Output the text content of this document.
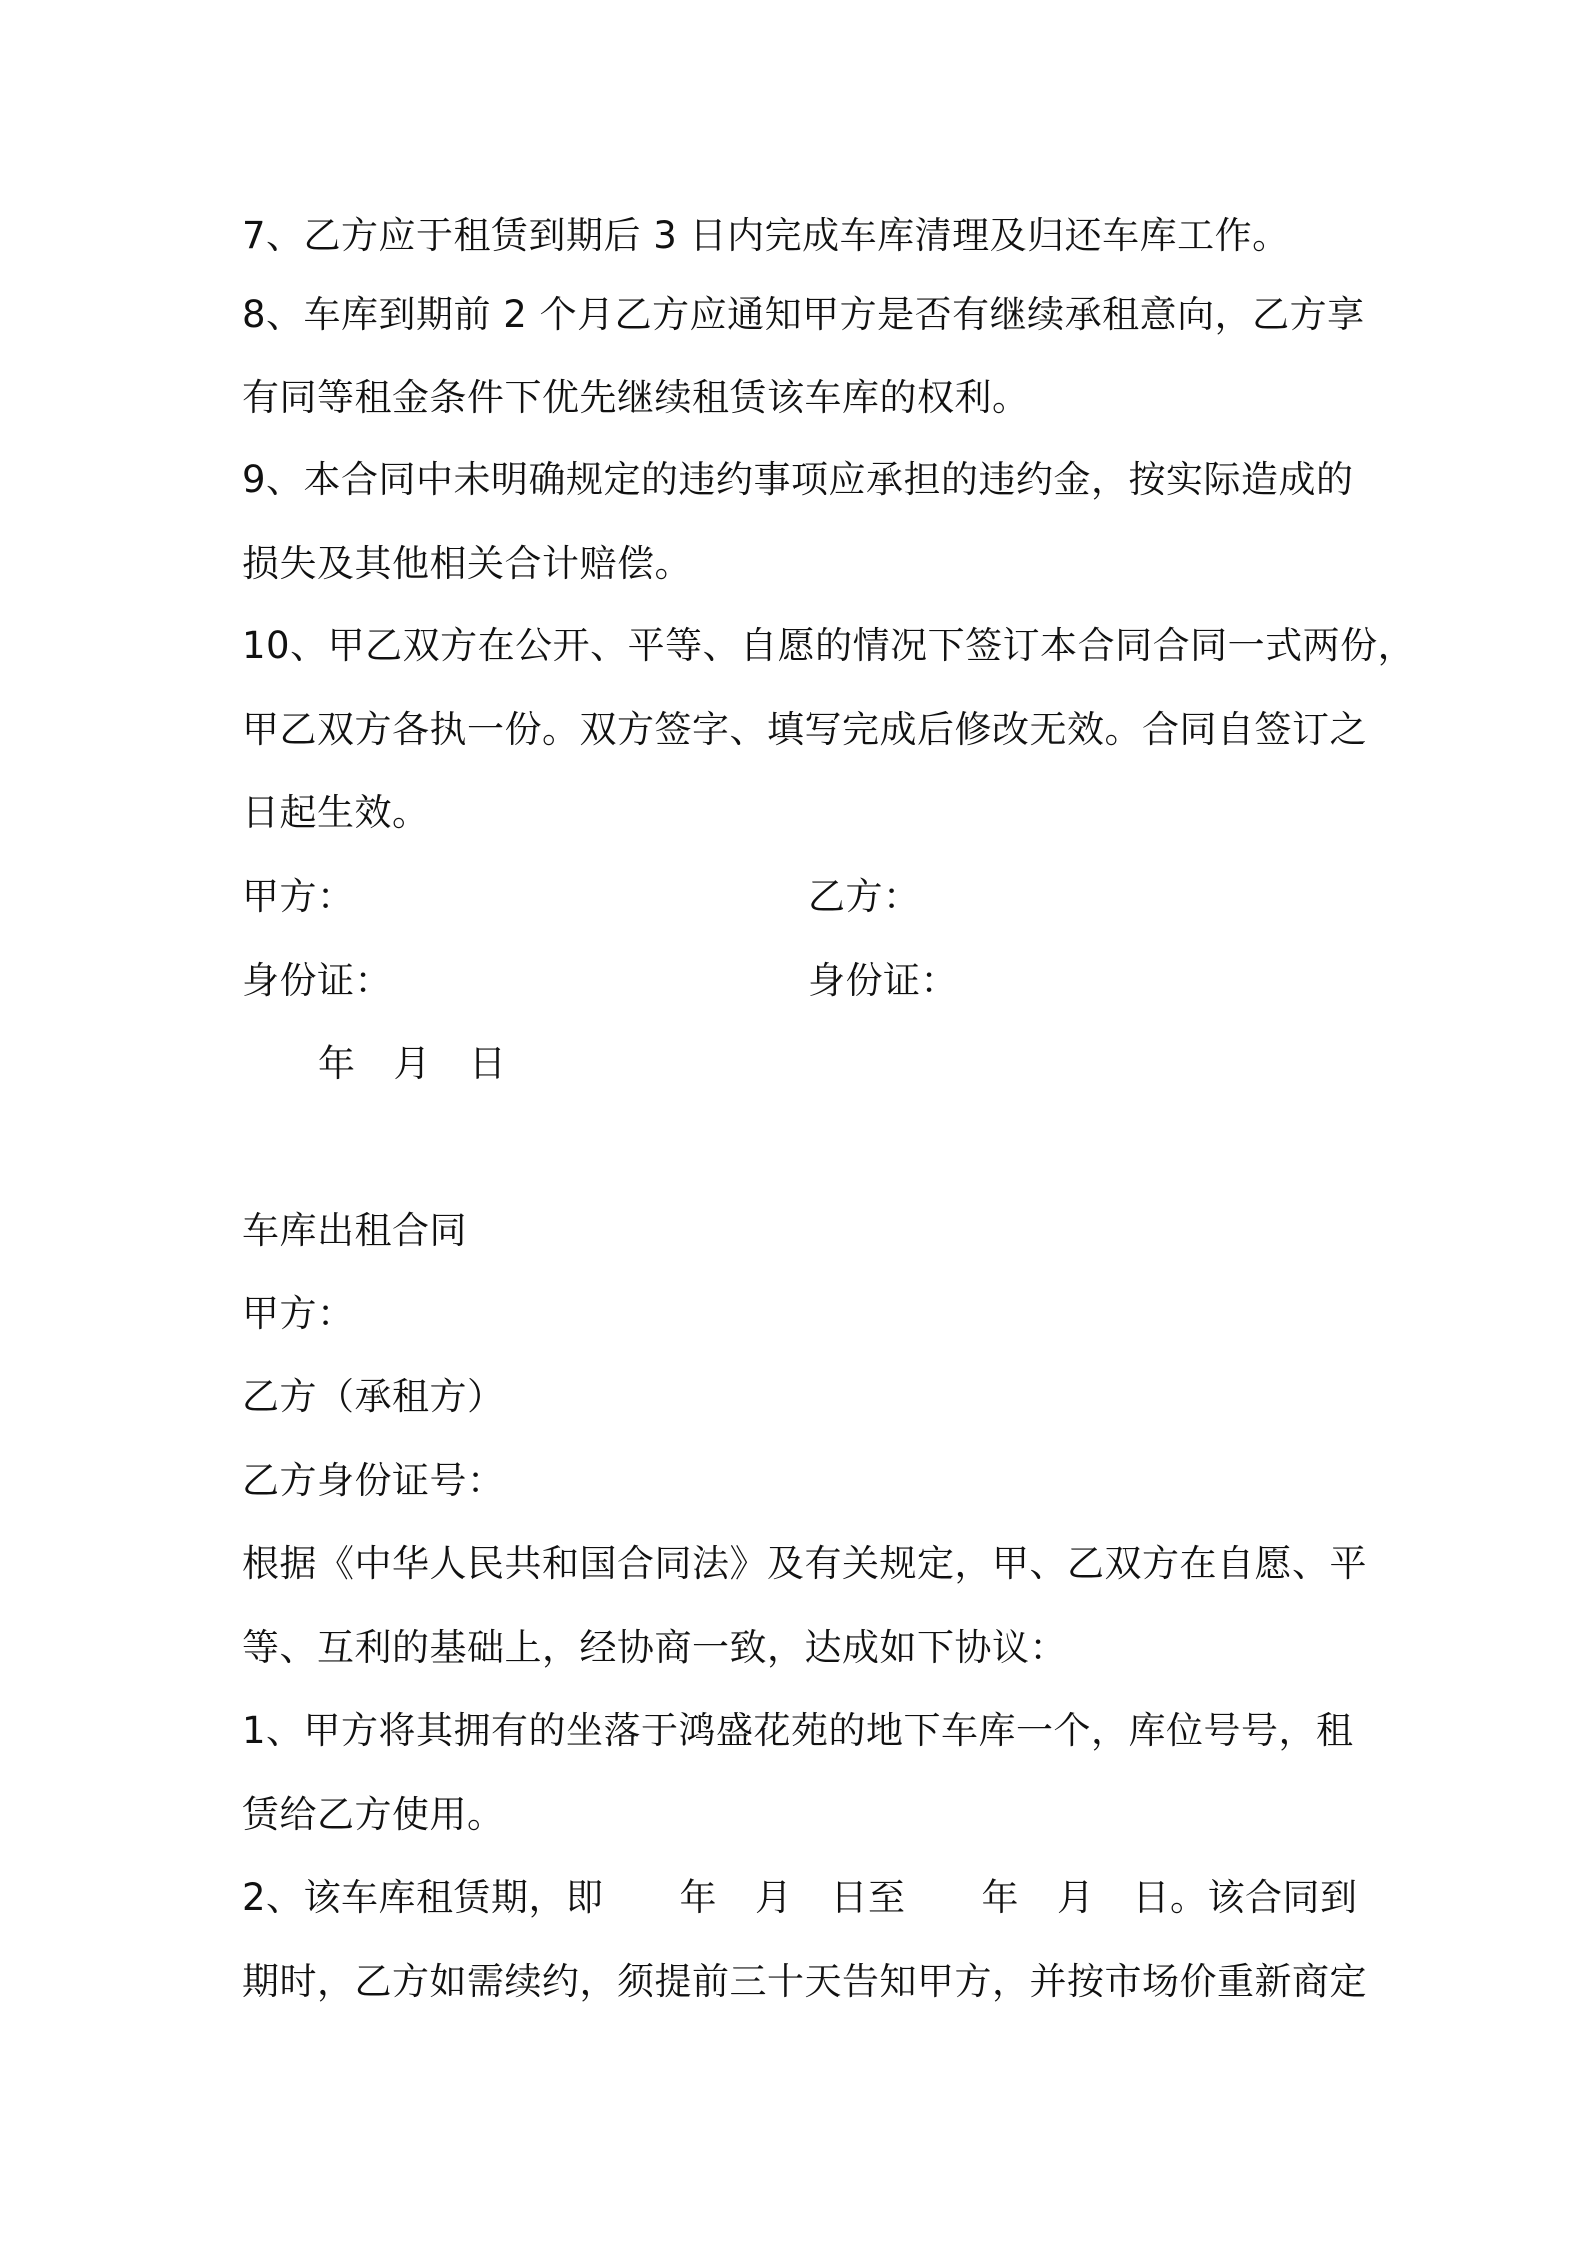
7、乙方应于租赁到期后 3 日内完成车库清理及归还车库工作。
8、车库到期前 2 个月乙方应通知甲方是否有继续承租意向，乙方享
有同等租金条件下优先继续租赁该车库的权利。
9、本合同中未明确规定的违约事项应承担的违约金，按实际造成的
损失及其他相关合计赔偿。
10、甲乙双方在公开、平等、自愿的情况下签订本合同合同一式两份，
甲乙双方各执一份。双方签字、填写完成后修改无效。合同自签订之
日起生效。
甲方：	乙方：
身份证：	身份证：
年 月 日
车库出租合同
甲方：
乙方（承租方）
乙方身份证号：
根据《中华人民共和国合同法》及有关规定，甲、乙双方在自愿、平
等、互利的基础上，经协商一致，达成如下协议：
1、甲方将其拥有的坐落于鸿盛花苑的地下车库一个，库位号号，租
赁给乙方使用。
2、该车库租赁期，即 年 月 日至 年 月 日。该合同到
期时，乙方如需续约，须提前三十天告知甲方，并按市场价重新商定
